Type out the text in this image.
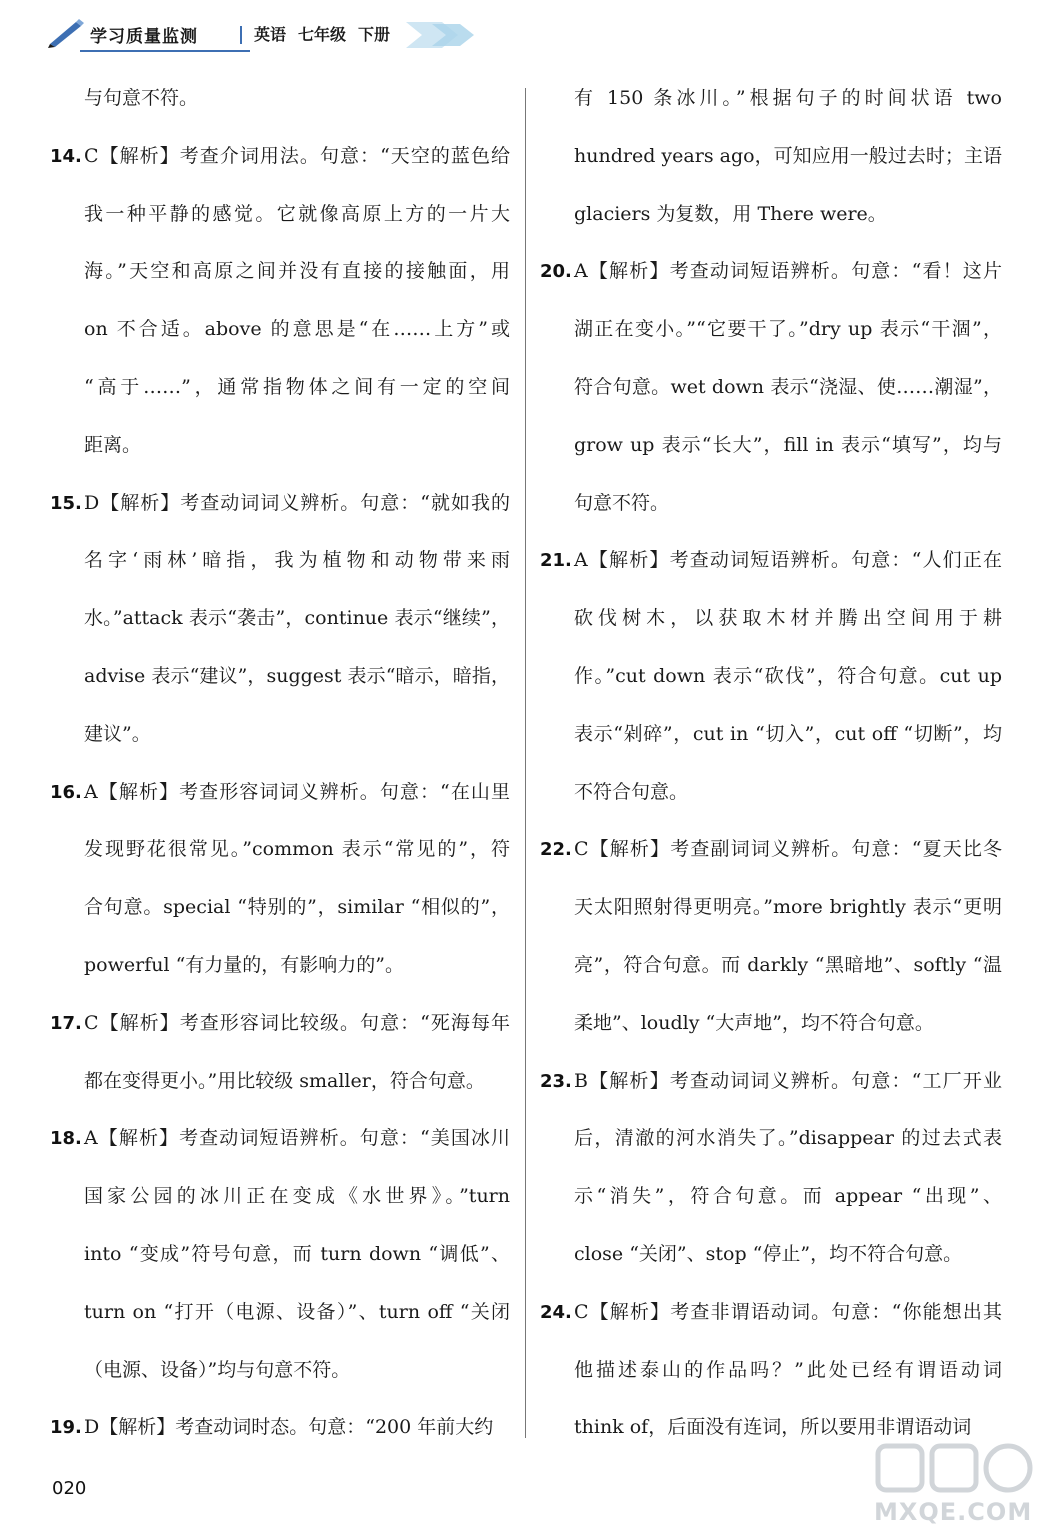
学习质量监测	英语 七年级 下册
与句意不符。
14. C【解析】考查介词用法。句意：“天空的蓝色给
我一种平静的感觉。它就像高原上方的一片大
海。”天空和高原之间并没有直接的接触面，用
on 不合适。above 的意思是“在……上方”或
“高于……”，通常指物体之间有一定的空间
距离。
15. D【解析】考查动词词义辨析。句意：“就如我的
名字‘雨林’暗指，我为植物和动物带来雨
水。”attack 表示“袭击”，continue 表示“继续”，
advise 表示“建议”，suggest 表示“暗示，暗指，
建议”。
16. A【解析】考查形容词词义辨析。句意：“在山里
发现野花很常见。”common 表示“常见的”，符
合句意。special “特别的”，similar “相似的”，
powerful “有力量的，有影响力的”。
17. C【解析】考查形容词比较级。句意：“死海每年
都在变得更小。”用比较级 smaller，符合句意。
18. A【解析】考查动词短语辨析。句意：“美国冰川
国家公园的冰川正在变成《水世界》。”turn
into “变成”符号句意，而 turn down “调低”、
turn on “打开（电源、设备）”、turn off “关闭
（电源、设备）”均与句意不符。
19. D【解析】考查动词时态。句意：“200 年前大约
有 150 条冰川。”根据句子的时间状语 two
hundred years ago，可知应用一般过去时；主语
glaciers 为复数，用 There were。
20. A【解析】考查动词短语辨析。句意：“看！这片
湖正在变小。”“它要干了。”dry up 表示“干涸”，
符合句意。wet down 表示“浇湿、使……潮湿”，
grow up 表示“长大”，fill in 表示“填写”，均与
句意不符。
21. A【解析】考查动词短语辨析。句意：“人们正在
砍伐树木，以获取木材并腾出空间用于耕
作。”cut down 表示“砍伐”，符合句意。cut up
表示“剁碎”，cut in “切入”，cut off “切断”，均
不符合句意。
22. C【解析】考查副词词义辨析。句意：“夏天比冬
天太阳照射得更明亮。”more brightly 表示“更明
亮”，符合句意。而 darkly “黑暗地”、softly “温
柔地”、loudly “大声地”，均不符合句意。
23. B【解析】考查动词词义辨析。句意：“工厂开业
后，清澈的河水消失了。”disappear 的过去式表
示“消失”，符合句意。而 appear “出现”、
close “关闭”、stop “停止”，均不符合句意。
24. C【解析】考查非谓语动词。句意：“你能想出其
他描述泰山的作品吗？”此处已经有谓语动词
think of，后面没有连词，所以要用非谓语动词
020
MXQE.COM
